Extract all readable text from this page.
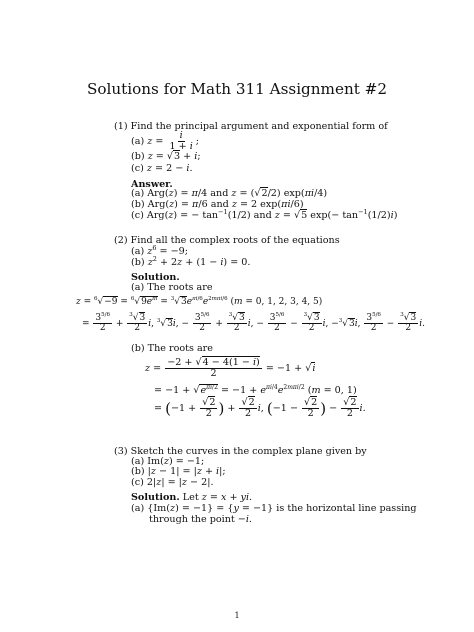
Solutions for Math 311 Assignment #2
(1) Find the principal argument and exponential form of
(a) $z = \frac{i}{1 + i}$ ;
(b) z = √3 + i;
(c) z = 2 − i.
Answer.
(a) Arg(z) = π/4 and z = (√2/2) exp(πi/4)
(b) Arg(z) = π/6 and z = 2 exp(πi/6)
(c) Arg(z) = − $\tan^{-1}(1/2)$ and z = √5 $\exp(- \tan^{-1}(1/2)i)$
(2) Find all the complex roots of the equations
(a) $z^6 = -9$;
(b) $z^2 + 2z + (1 - i) = 0$.
Solution.
(a) The roots are
$z = ^6√-9 = ^6√9e^{\pi i} = ^3√3e^{\pi i/6}e^{2m\pi i/6}$ (m = 0, 1, 2, 3, 4, 5)
= $\frac{3^{5/6}}{2} + \frac{^3√3}{2} i$, $^3$√3i, − $\frac{3^{5/6}}{2} + \frac{^3√3}{2} i$, − $\frac{3^{5/6}}{2} - \frac{^3√3}{2} i$, −$^3$√3i, $\frac{3^{5/6}}{2} - \frac{^3√3}{2} i$.
(b) The roots are
$z = \frac{-2 + √4 - 4(1 - i)}{2} = -1 + √i$
= $-1 + √e^{\pi i/2} = -1 + e^{\pi i/4}e^{2m\pi i/2}$ (m = 0, 1)
= ($-1 + \frac{√2}{2}$ ) + $\frac{√2}{2} i$, ($-1 - \frac{√2}{2}$ ) − $\frac{√2}{2} i$.
(3) Sketch the curves in the complex plane given by
(a) Im(z) = −1;
(b) |z − 1| = |z + i|;
(c) 2|z| = |z − 2|.
Solution. Let z = x + yi.
(a) {Im(z) = −1} = {y = −1} is the horizontal line passing
through the point −i.
1
